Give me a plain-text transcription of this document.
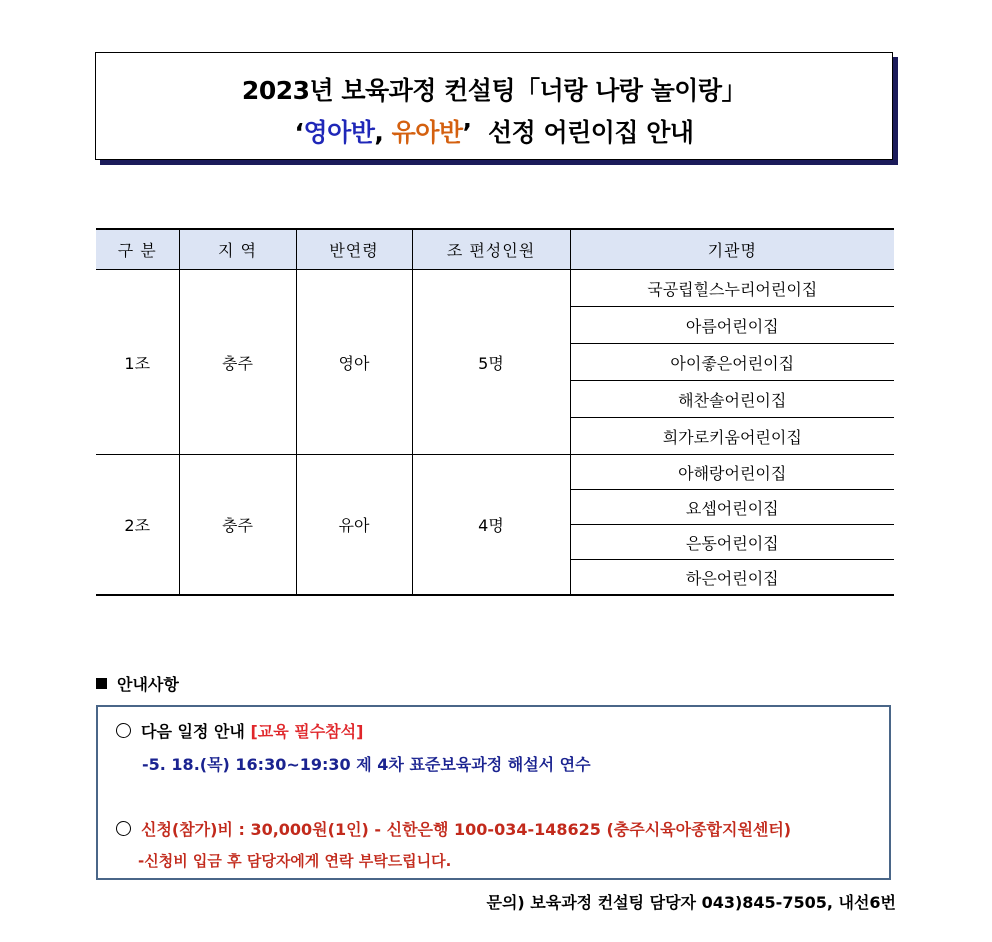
2023년 보육과정 컨설팅「너랑 나랑 놀이랑」
‘영아반, 유아반’  선정 어린이집 안내
구 분	지 역	반연령	조 편성인원	기관명
1조	충주	영아	5명	국공립힐스누리어린이집
				아름어린이집
				아이좋은어린이집
				해찬솔어린이집
				희가로키움어린이집
2조	충주	유아	4명	아해랑어린이집
				요셉어린이집
				은동어린이집
				하은어린이집
안내사항
다음 일정 안내 [교육 필수참석]
-5. 18.(목) 16:30~19:30 제 4차 표준보육과정 해설서 연수
신청(참가)비 : 30,000원(1인) - 신한은행 100-034-148625 (충주시육아종합지원센터)
-신청비 입금 후 담당자에게 연락 부탁드립니다.
문의) 보육과정 컨설팅 담당자 043)845-7505, 내선6번
